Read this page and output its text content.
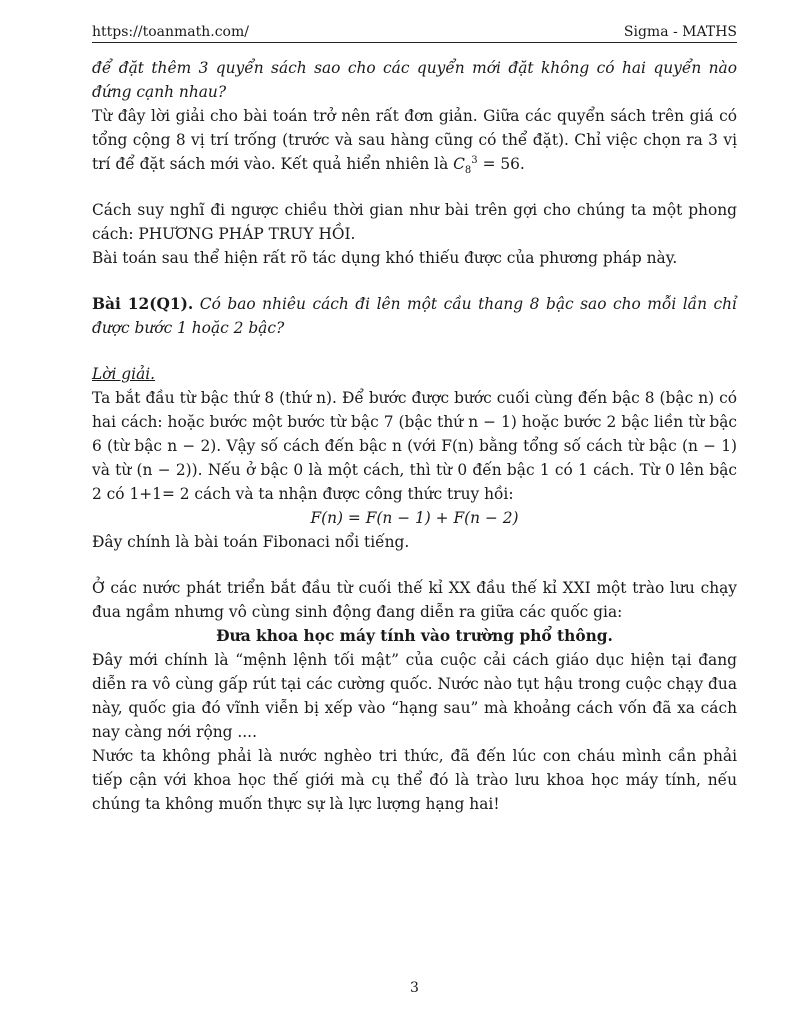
https://toanmath.com/	Sigma - MATHS

để đặt thêm 3 quyển sách sao cho các quyển mới đặt không có hai quyển nào đứng cạnh nhau?

Từ đây lời giải cho bài toán trở nên rất đơn giản. Giữa các quyển sách trên giá có tổng cộng 8 vị trí trống (trước và sau hàng cũng có thể đặt). Chỉ việc chọn ra 3 vị trí để đặt sách mới vào. Kết quả hiển nhiên là $C_8^3 = 56$.

Cách suy nghĩ đi ngược chiều thời gian như bài trên gợi cho chúng ta một phong cách: PHƯƠNG PHÁP TRUY HỒI.

Bài toán sau thể hiện rất rõ tác dụng khó thiếu được của phương pháp này.

Bài 12(Q1). Có bao nhiêu cách đi lên một cầu thang 8 bậc sao cho mỗi lần chỉ được bước 1 hoặc 2 bậc?

Lời giải.

Ta bắt đầu từ bậc thứ 8 (thứ n). Để bước được bước cuối cùng đến bậc 8 (bậc n) có hai cách: hoặc bước một bước từ bậc 7 (bậc thứ n − 1) hoặc bước 2 bậc liền từ bậc 6 (từ bậc n − 2). Vậy số cách đến bậc n (với F(n) bằng tổng số cách từ bậc (n − 1) và từ (n − 2)). Nếu ở bậc 0 là một cách, thì từ 0 đến bậc 1 có 1 cách. Từ 0 lên bậc 2 có 1+1= 2 cách và ta nhận được công thức truy hồi:

F(n) = F(n − 1) + F(n − 2)

Đây chính là bài toán Fibonaci nổi tiếng.

Ở các nước phát triển bắt đầu từ cuối thế kỉ XX đầu thế kỉ XXI một trào lưu chạy đua ngầm nhưng vô cùng sinh động đang diễn ra giữa các quốc gia:

Đưa khoa học máy tính vào trường phổ thông.

Đây mới chính là “mệnh lệnh tối mật” của cuộc cải cách giáo dục hiện tại đang diễn ra vô cùng gấp rút tại các cường quốc. Nước nào tụt hậu trong cuộc chạy đua này, quốc gia đó vĩnh viễn bị xếp vào “hạng sau” mà khoảng cách vốn đã xa cách nay càng nới rộng ....

Nước ta không phải là nước nghèo tri thức, đã đến lúc con cháu mình cần phải tiếp cận với khoa học thế giới mà cụ thể đó là trào lưu khoa học máy tính, nếu chúng ta không muốn thực sự là lực lượng hạng hai!

3
